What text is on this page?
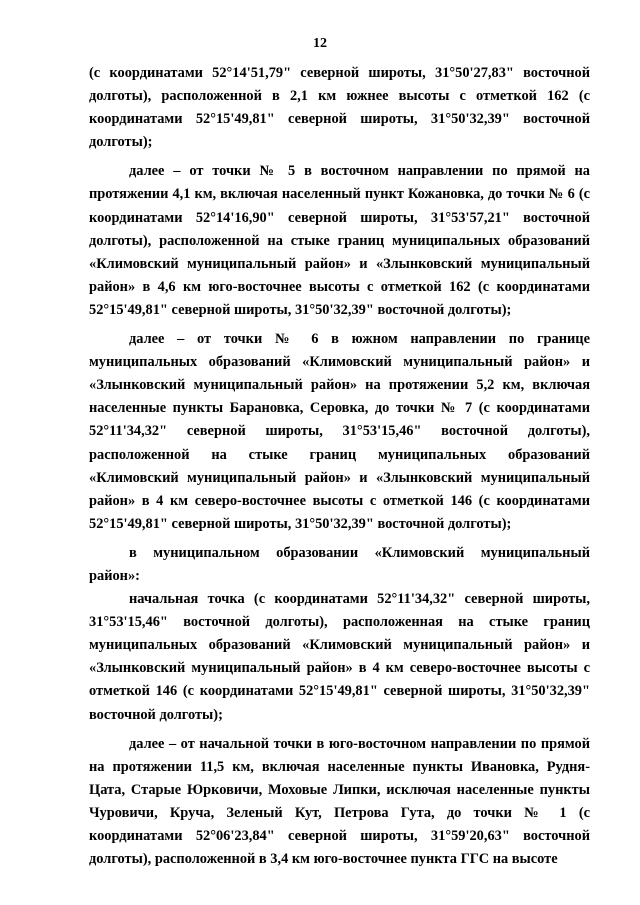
12

(с координатами 52°14'51,79" северной широты, 31°50'27,83" восточной долготы), расположенной в 2,1 км южнее высоты с отметкой 162 (с координатами 52°15'49,81" северной широты, 31°50'32,39" восточной долготы);

далее – от точки № 5 в восточном направлении по прямой на протяжении 4,1 км, включая населенный пункт Кожановка, до точки № 6 (с координатами 52°14'16,90" северной широты, 31°53'57,21" восточной долготы), расположенной на стыке границ муниципальных образований «Климовский муниципальный район» и «Злынковский муниципальный район» в 4,6 км юго-восточнее высоты с отметкой 162 (с координатами 52°15'49,81" северной широты, 31°50'32,39" восточной долготы);

далее – от точки № 6 в южном направлении по границе муниципальных образований «Климовский муниципальный район» и «Злынковский муниципальный район» на протяжении 5,2 км, включая населенные пункты Барановка, Серовка, до точки № 7 (с координатами 52°11'34,32" северной широты, 31°53'15,46" восточной долготы), расположенной на стыке границ муниципальных образований «Климовский муниципальный район» и «Злынковский муниципальный район» в 4 км северо-восточнее высоты с отметкой 146 (с координатами 52°15'49,81" северной широты, 31°50'32,39" восточной долготы);

в муниципальном образовании «Климовский муниципальный район»:

начальная точка (с координатами 52°11'34,32" северной широты, 31°53'15,46" восточной долготы), расположенная на стыке границ муниципальных образований «Климовский муниципальный район» и «Злынковский муниципальный район» в 4 км северо-восточнее высоты с отметкой 146 (с координатами 52°15'49,81" северной широты, 31°50'32,39" восточной долготы);

далее – от начальной точки в юго-восточном направлении по прямой на протяжении 11,5 км, включая населенные пункты Ивановка, Рудня-Цата, Старые Юрковичи, Моховые Липки, исключая населенные пункты Чуровичи, Круча, Зеленый Кут, Петрова Гута, до точки № 1 (с координатами 52°06'23,84" северной широты, 31°59'20,63" восточной долготы), расположенной в 3,4 км юго-восточнее пункта ГГС на высоте
